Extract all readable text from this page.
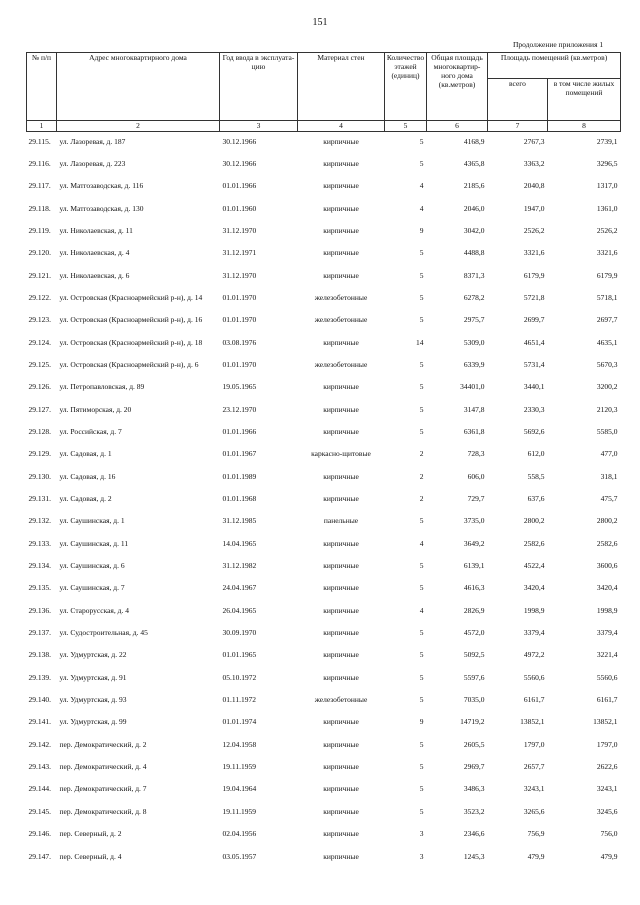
151
Продолжение приложения 1
№ п/п	Адрес многоквартирного дома	Год ввода в эксплуата-цию	Материал стен	Количество этажей (единиц)	Общая площадь многоквартир-ного дома (кв.метров)	Площадь помещений (кв.метров)	
						всего	в том числе жилых помещений
1	2	3	4	5	6	7	8
29.115.	ул. Лазоревая, д. 187	30.12.1966	кирпичные	5	4168,9	2767,3	2739,1
29.116.	ул. Лазоревая, д. 223	30.12.1966	кирпичные	5	4365,8	3363,2	3296,5
29.117.	ул. Матгозаводская, д. 116	01.01.1966	кирпичные	4	2185,6	2040,8	1317,0
29.118.	ул. Матгозаводская, д. 130	01.01.1960	кирпичные	4	2046,0	1947,0	1361,0
29.119.	ул. Николаевская, д. 11	31.12.1970	кирпичные	9	3042,0	2526,2	2526,2
29.120.	ул. Николаевская, д. 4	31.12.1971	кирпичные	5	4488,8	3321,6	3321,6
29.121.	ул. Николаевская, д. 6	31.12.1970	кирпичные	5	8371,3	6179,9	6179,9
29.122.	ул. Островская (Красноармейский р-н), д. 14	01.01.1970	железобетонные	5	6278,2	5721,8	5718,1
29.123.	ул. Островская (Красноармейский р-н), д. 16	01.01.1970	железобетонные	5	2975,7	2699,7	2697,7
29.124.	ул. Островская (Красноармейский р-н), д. 18	03.08.1976	кирпичные	14	5309,0	4651,4	4635,1
29.125.	ул. Островская (Красноармейский р-н), д. 6	01.01.1970	железобетонные	5	6339,9	5731,4	5670,3
29.126.	ул. Петропавловская, д. 89	19.05.1965	кирпичные	5	34401,0	3440,1	3200,2
29.127.	ул. Пятиморская, д. 20	23.12.1970	кирпичные	5	3147,8	2330,3	2120,3
29.128.	ул. Российская, д. 7	01.01.1966	кирпичные	5	6361,8	5692,6	5585,0
29.129.	ул. Садовая, д. 1	01.01.1967	каркасно-щитовые	2	728,3	612,0	477,0
29.130.	ул. Садовая, д. 16	01.01.1989	кирпичные	2	606,0	558,5	318,1
29.131.	ул. Садовая, д. 2	01.01.1968	кирпичные	2	729,7	637,6	475,7
29.132.	ул. Саушинская, д. 1	31.12.1985	панельные	5	3735,0	2800,2	2800,2
29.133.	ул. Саушинская, д. 11	14.04.1965	кирпичные	4	3649,2	2582,6	2582,6
29.134.	ул. Саушинская, д. 6	31.12.1982	кирпичные	5	6139,1	4522,4	3600,6
29.135.	ул. Саушинская, д. 7	24.04.1967	кирпичные	5	4616,3	3420,4	3420,4
29.136.	ул. Старорусская, д. 4	26.04.1965	кирпичные	4	2826,9	1998,9	1998,9
29.137.	ул. Судостроительная, д. 45	30.09.1970	кирпичные	5	4572,0	3379,4	3379,4
29.138.	ул. Удмуртская, д. 22	01.01.1965	кирпичные	5	5092,5	4972,2	3221,4
29.139.	ул. Удмуртская, д. 91	05.10.1972	кирпичные	5	5597,6	5560,6	5560,6
29.140.	ул. Удмуртская, д. 93	01.11.1972	железобетонные	5	7035,0	6161,7	6161,7
29.141.	ул. Удмуртская, д. 99	01.01.1974	кирпичные	9	14719,2	13852,1	13852,1
29.142.	пер. Демократический, д. 2	12.04.1958	кирпичные	5	2605,5	1797,0	1797,0
29.143.	пер. Демократический, д. 4	19.11.1959	кирпичные	5	2969,7	2657,7	2622,6
29.144.	пер. Демократический, д. 7	19.04.1964	кирпичные	5	3486,3	3243,1	3243,1
29.145.	пер. Демократический, д. 8	19.11.1959	кирпичные	5	3523,2	3265,6	3245,6
29.146.	пер. Северный, д. 2	02.04.1956	кирпичные	3	2346,6	756,9	756,0
29.147.	пер. Северный, д. 4	03.05.1957	кирпичные	3	1245,3	479,9	479,9
